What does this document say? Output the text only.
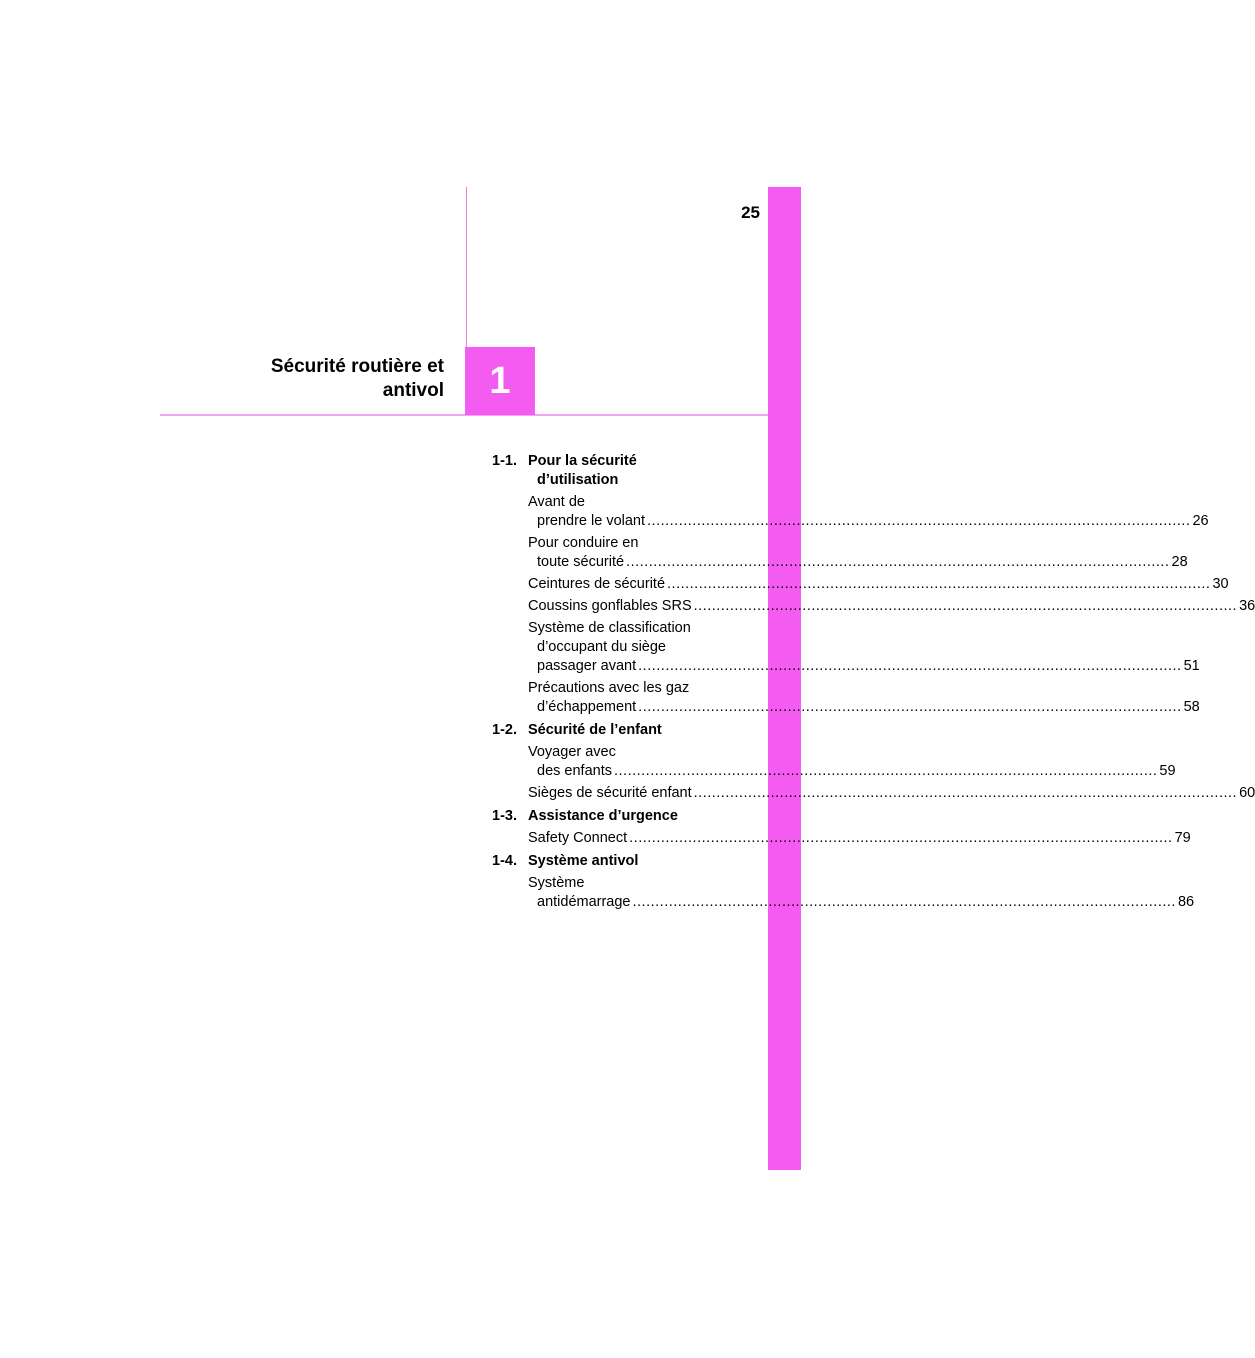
25
1
Sécurité routière et
antivol
1-1. Pour la sécurité
d’utilisation
Avant de
prendre le volant ........................................................................................................................ 26
Pour conduire en
toute sécurité ........................................................................................................................ 28
Ceintures de sécurité ........................................................................................................................ 30
Coussins gonflables SRS ........................................................................................................................ 36
Système de classification
d’occupant du siège
passager avant ........................................................................................................................ 51
Précautions avec les gaz
d’échappement ........................................................................................................................ 58
1-2. Sécurité de l’enfant
Voyager avec
des enfants ........................................................................................................................ 59
Sièges de sécurité enfant ........................................................................................................................ 60
1-3. Assistance d’urgence
Safety Connect ........................................................................................................................ 79
1-4. Système antivol
Système
antidémarrage ........................................................................................................................ 86
